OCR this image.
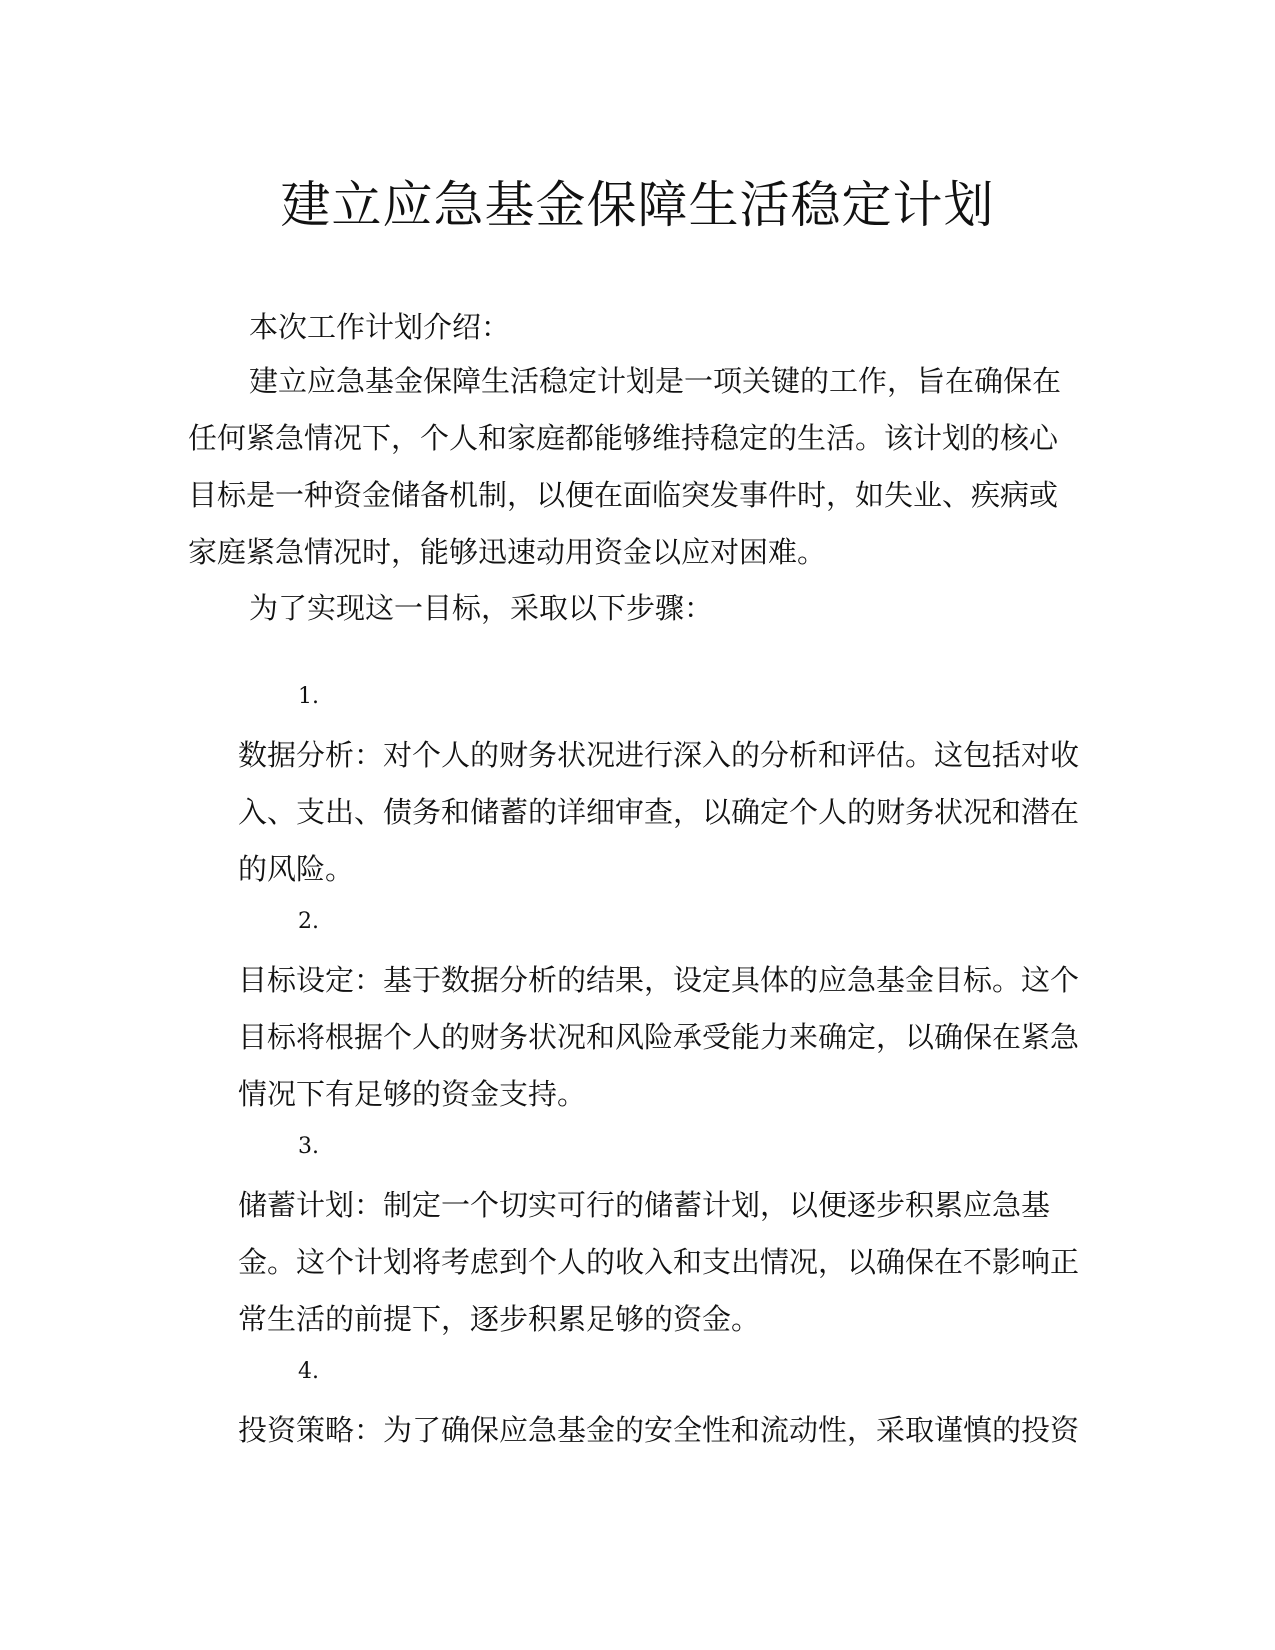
建立应急基金保障生活稳定计划

本次工作计划介绍：

建立应急基金保障生活稳定计划是一项关键的工作，旨在确保在任何紧急情况下，个人和家庭都能够维持稳定的生活。该计划的核心目标是一种资金储备机制，以便在面临突发事件时，如失业、疾病或家庭紧急情况时，能够迅速动用资金以应对困难。

为了实现这一目标，采取以下步骤：

1.

数据分析：对个人的财务状况进行深入的分析和评估。这包括对收入、支出、债务和储蓄的详细审查，以确定个人的财务状况和潜在的风险。

2.

目标设定：基于数据分析的结果，设定具体的应急基金目标。这个目标将根据个人的财务状况和风险承受能力来确定，以确保在紧急情况下有足够的资金支持。

3.

储蓄计划：制定一个切实可行的储蓄计划，以便逐步积累应急基金。这个计划将考虑到个人的收入和支出情况，以确保在不影响正常生活的前提下，逐步积累足够的资金。

4.

投资策略：为了确保应急基金的安全性和流动性，采取谨慎的投资
